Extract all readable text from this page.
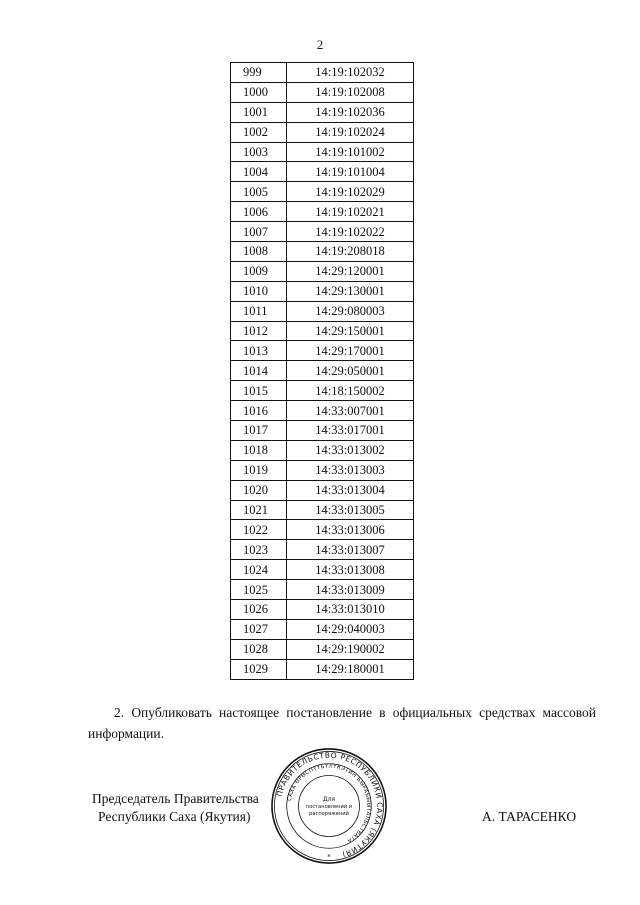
2
999	14:19:102032
1000	14:19:102008
1001	14:19:102036
1002	14:19:102024
1003	14:19:101002
1004	14:19:101004
1005	14:19:102029
1006	14:19:102021
1007	14:19:102022
1008	14:19:208018
1009	14:29:120001
1010	14:29:130001
1011	14:29:080003
1012	14:29:150001
1013	14:29:170001
1014	14:29:050001
1015	14:18:150002
1016	14:33:007001
1017	14:33:017001
1018	14:33:013002
1019	14:33:013003
1020	14:33:013004
1021	14:33:013005
1022	14:33:013006
1023	14:33:013007
1024	14:33:013008
1025	14:33:013009
1026	14:33:013010
1027	14:29:040003
1028	14:29:190002
1029	14:29:180001
2. Опубликовать настоящее постановление в официальных средствах массовой информации.
Председатель Правительства
Республики Саха (Якутия)	А. ТАРАСЕНКО
ПРАВИТЕЛЬСТВО РЕСПУБЛИКИ САХА (ЯКУТИЯ)
САХА ӨРӨСПҮҮБҮЛҮКЭТИН БЫРАБЫЫТАЛЬСТВАТА
Для
постановлений и
распоряжений
*
